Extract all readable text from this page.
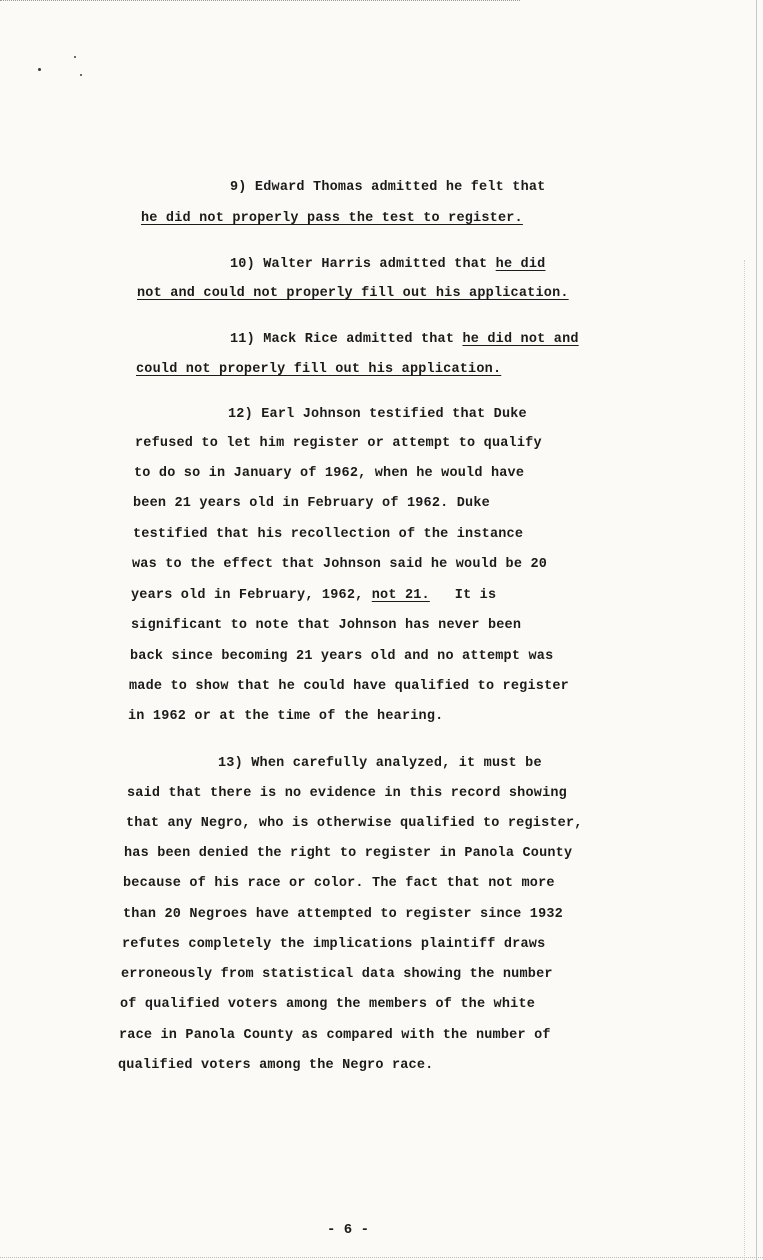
9) Edward Thomas admitted he felt that
he did not properly pass the test to register.
10) Walter Harris admitted that he did
not and could not properly fill out his application.
11) Mack Rice admitted that he did not and
could not properly fill out his application.
12) Earl Johnson testified that Duke
refused to let him register or attempt to qualify
to do so in January of 1962, when he would have
been 21 years old in February of 1962. Duke
testified that his recollection of the instance
was to the effect that Johnson said he would be 20
years old in February, 1962, not 21.   It is
significant to note that Johnson has never been
back since becoming 21 years old and no attempt was
made to show that he could have qualified to register
in 1962 or at the time of the hearing.
13) When carefully analyzed, it must be
said that there is no evidence in this record showing
that any Negro, who is otherwise qualified to register,
has been denied the right to register in Panola County
because of his race or color. The fact that not more
than 20 Negroes have attempted to register since 1932
refutes completely the implications plaintiff draws
erroneously from statistical data showing the number
of qualified voters among the members of the white
race in Panola County as compared with the number of
qualified voters among the Negro race.
- 6 -
